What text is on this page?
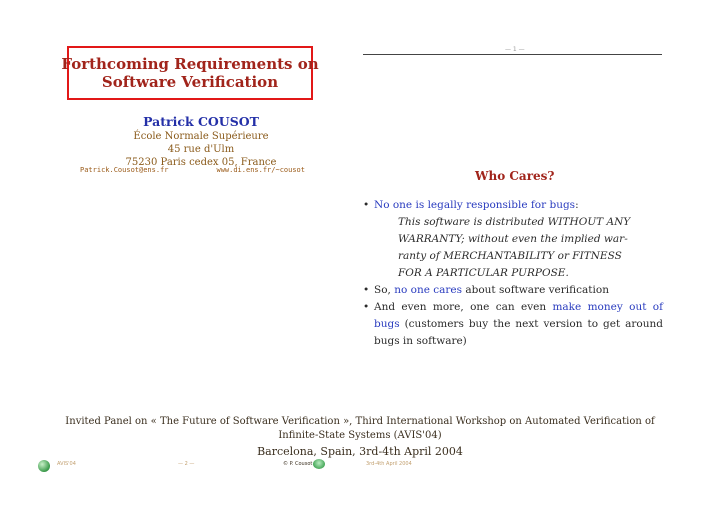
Forthcoming Requirements on
Software Verification
Patrick COUSOT
École Normale Supérieure
45 rue d'Ulm
75230 Paris cedex 05, France
Patrick.Cousot@ens.fr	www.di.ens.fr/~cousot
— 1 —
Who Cares?
• No one is legally responsible for bugs:
This software is distributed WITHOUT ANY
WARRANTY; without even the implied war-
ranty of MERCHANTABILITY or FITNESS
FOR A PARTICULAR PURPOSE.
• So, no one cares about software verification
• And even more, one can even make money out of bugs (customers buy the next version to get around bugs in software)
Invited Panel on « The Future of Software Verification », Third International Workshop on Automated Verification of
Infinite-State Systems (AVIS'04)
Barcelona, Spain, 3rd-4th April 2004
AVIS'04	— 2 —	© P. Cousot	3rd-4th April 2004
